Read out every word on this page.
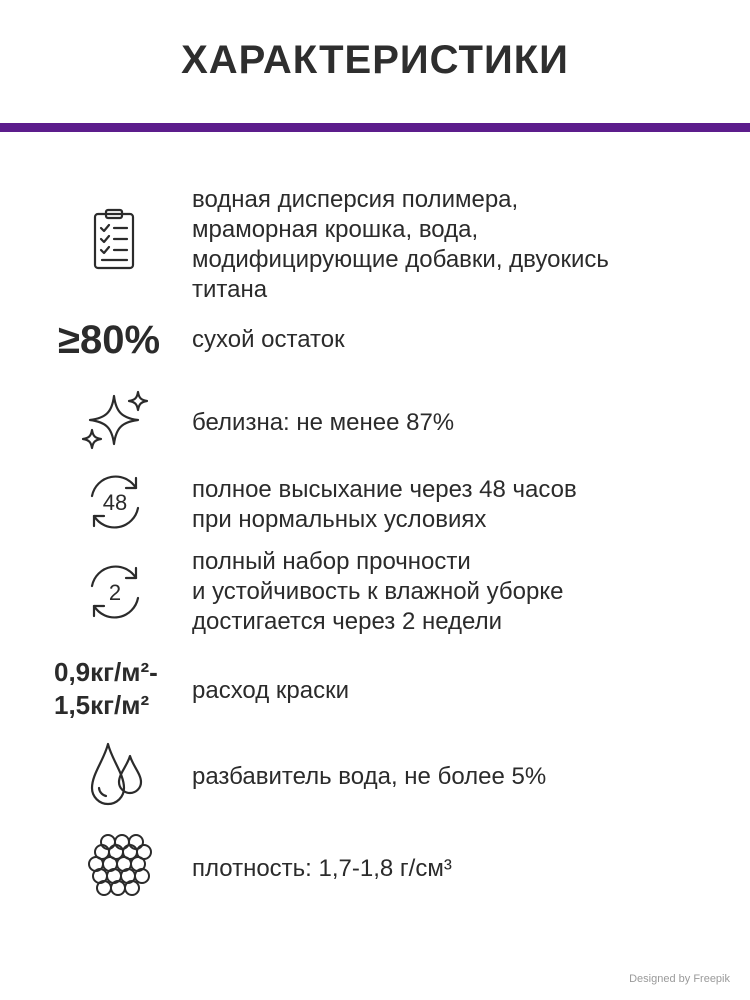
ХАРАКТЕРИСТИКИ
водная дисперсия полимера,
мраморная крошка, вода,
модифицирующие добавки, двуокись
титана
≥80% сухой остаток
белизна: не менее 87%
48	полное высыхание через 48 часов
при нормальных условиях
2
полный набор прочности
и устойчивость к влажной уборке
достигается через 2 недели
0,9кг/м²-
1,5кг/м²	расход краски
разбавитель вода, не более 5%
плотность: 1,7-1,8 г/см³
Designed by Freepik
